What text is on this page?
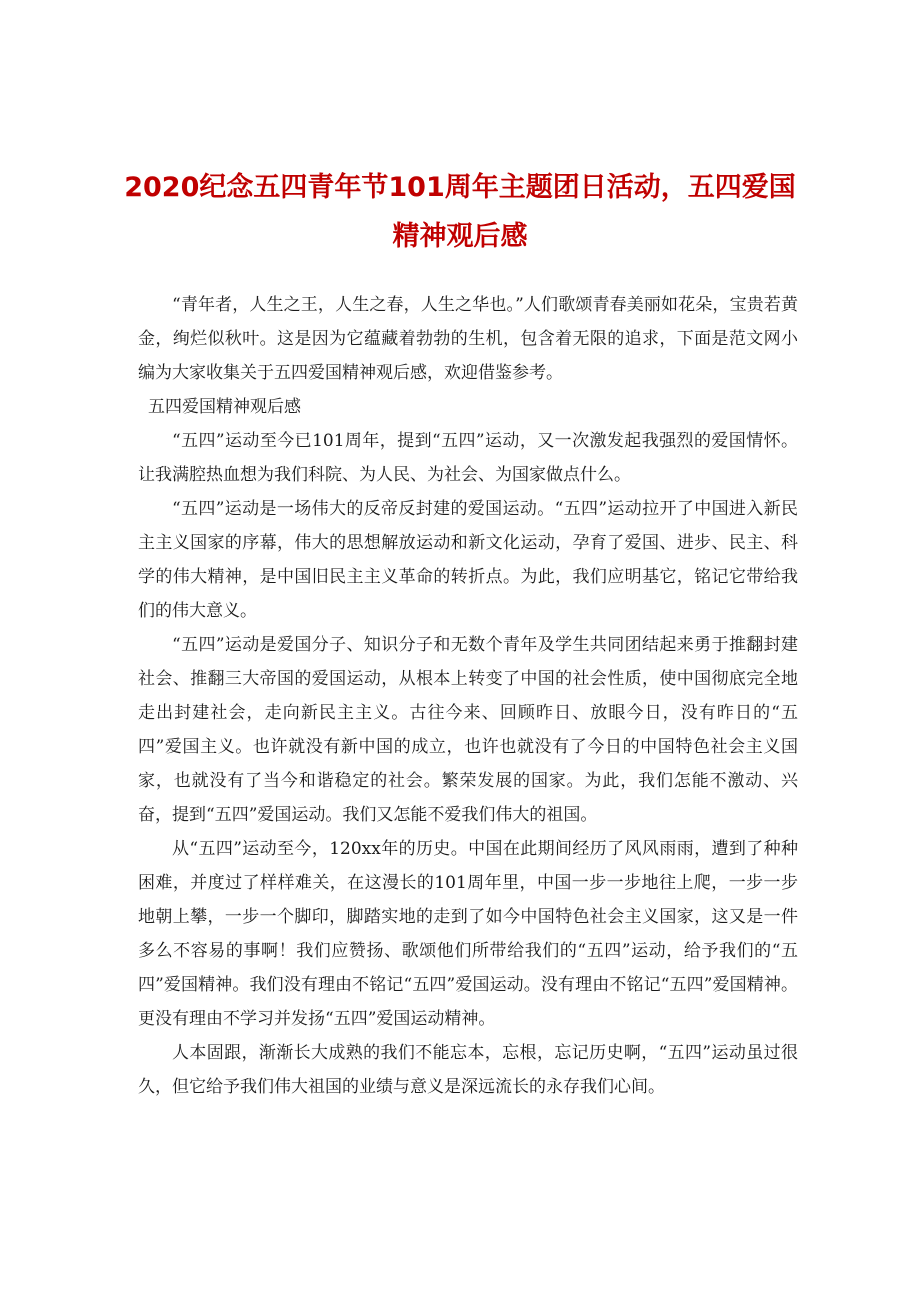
2020纪念五四青年节101周年主题团日活动，五四爱国
精神观后感

“青年者，人生之王，人生之春，人生之华也。”人们歌颂青春美丽如花朵，宝贵若黄金，绚烂似秋叶。这是因为它蕴藏着勃勃的生机，包含着无限的追求，下面是范文网小编为大家收集关于五四爱国精神观后感，欢迎借鉴参考。

五四爱国精神观后感

“五四”运动至今已101周年，提到“五四”运动，又一次激发起我强烈的爱国情怀。让我满腔热血想为我们科院、为人民、为社会、为国家做点什么。

“五四”运动是一场伟大的反帝反封建的爱国运动。“五四”运动拉开了中国进入新民主主义国家的序幕，伟大的思想解放运动和新文化运动，孕育了爱国、进步、民主、科学的伟大精神，是中国旧民主主义革命的转折点。为此，我们应明基它，铭记它带给我们的伟大意义。

“五四”运动是爱国分子、知识分子和无数个青年及学生共同团结起来勇于推翻封建社会、推翻三大帝国的爱国运动，从根本上转变了中国的社会性质，使中国彻底完全地走出封建社会，走向新民主主义。古往今来、回顾昨日、放眼今日，没有昨日的“五四”爱国主义。也许就没有新中国的成立，也许也就没有了今日的中国特色社会主义国家，也就没有了当今和谐稳定的社会。繁荣发展的国家。为此，我们怎能不激动、兴奋，提到“五四”爱国运动。我们又怎能不爱我们伟大的祖国。

从“五四”运动至今，120xx年的历史。中国在此期间经历了风风雨雨，遭到了种种困难，并度过了样样难关，在这漫长的101周年里，中国一步一步地往上爬，一步一步地朝上攀，一步一个脚印，脚踏实地的走到了如今中国特色社会主义国家，这又是一件多么不容易的事啊！我们应赞扬、歌颂他们所带给我们的“五四”运动，给予我们的“五四”爱国精神。我们没有理由不铭记“五四”爱国运动。没有理由不铭记“五四”爱国精神。更没有理由不学习并发扬“五四”爱国运动精神。

人本固跟，渐渐长大成熟的我们不能忘本，忘根，忘记历史啊，“五四”运动虽过很久，但它给予我们伟大祖国的业绩与意义是深远流长的永存我们心间。
